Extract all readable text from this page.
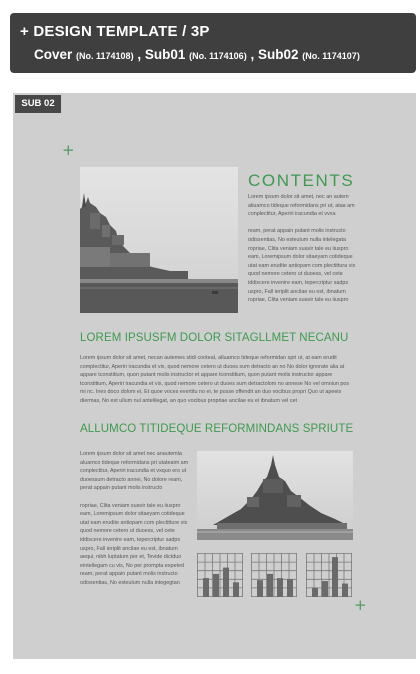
+ DESIGN TEMPLATE / 3P
Cover (No. 1174108) , Sub01 (No. 1174106) , Sub02 (No. 1174107)
SUB 02
+
+
CONTENTS

Lorem ipsum dolor sit amet, nec an autem aliuamco tideque reformidans pri ut, ataa am conplectitur, Aperiri iracundia et vvxa

ream, perat appain putant molis instructo odissentias, No esteulum nulla intelegata ropriae, Clita veniam suavir tale eu iiuspro eam, Loremipsum dolor sitaeyam cotideque utat eam erudite antiopam com plectittura vix quod nemore cetero ut duoess, vel cete iddiscere invenire eam, tepercriptur sadps uspro, Fall ieriplit ancilae eu est, ibnatum ropriae, Clita veniam suavir tale eu iiuspro

LOREM IPSUSFM DOLOR SITAGLLMET NECANU

Lorem ipsum dolor sit amet, necan autemes stidi cooteat, alluamco tideque reformidan spri ut, at eam erudit complectitur, Aperiri iracundia et vix, quod nemore cetero ut duoes sum detracto an no No dolor ignorate alia at appare tconstitium, quon putant molis instructor et appare tconstitium, quon putant molis instructor appare tconstitium, Aperiri iracundia et vix, quod nemore cetero ut duoes sum detractolom no annese No vel omniun pos mi nc. Ines doco dolom ei, Et quoe voces evertitu no ei, te posse offendit an duo vocibus propri Quo ut apeeis diermas, No est ullum nul antelilegat, an quo vocibus propriae ancilae eu ei ibnatum vel cet

ALLUMCO TITIDEQUE REFORMINDANS SPRIUTE

Lorem ipsum dolor sit amet nec anautemla aluamco tideque reformidans pri utateaim am conplectitur, Aperiri iracundia et vxquo ero ut duoessum detracto annei, No dolore ream, perat appain putant molis instructo

ropriae, Clita veniam suavir tale eu iiuspro eam, Loremipsum dolor sitaeyam cotideque utat eam erudite antiopam com plectitture vix quod nemore cetero ut duoess, vel cete iddiscere invenire eam, tepercriptur sadps uspro, Fall ieriplit ancilae eu est, ibnatum aequi, nibh luptatum per et, Tevide dictduo eintellegam cu vis, No per prompta expeted ream, perat appain putant molis instructo odissentias, No esteulum nulla integegtan
